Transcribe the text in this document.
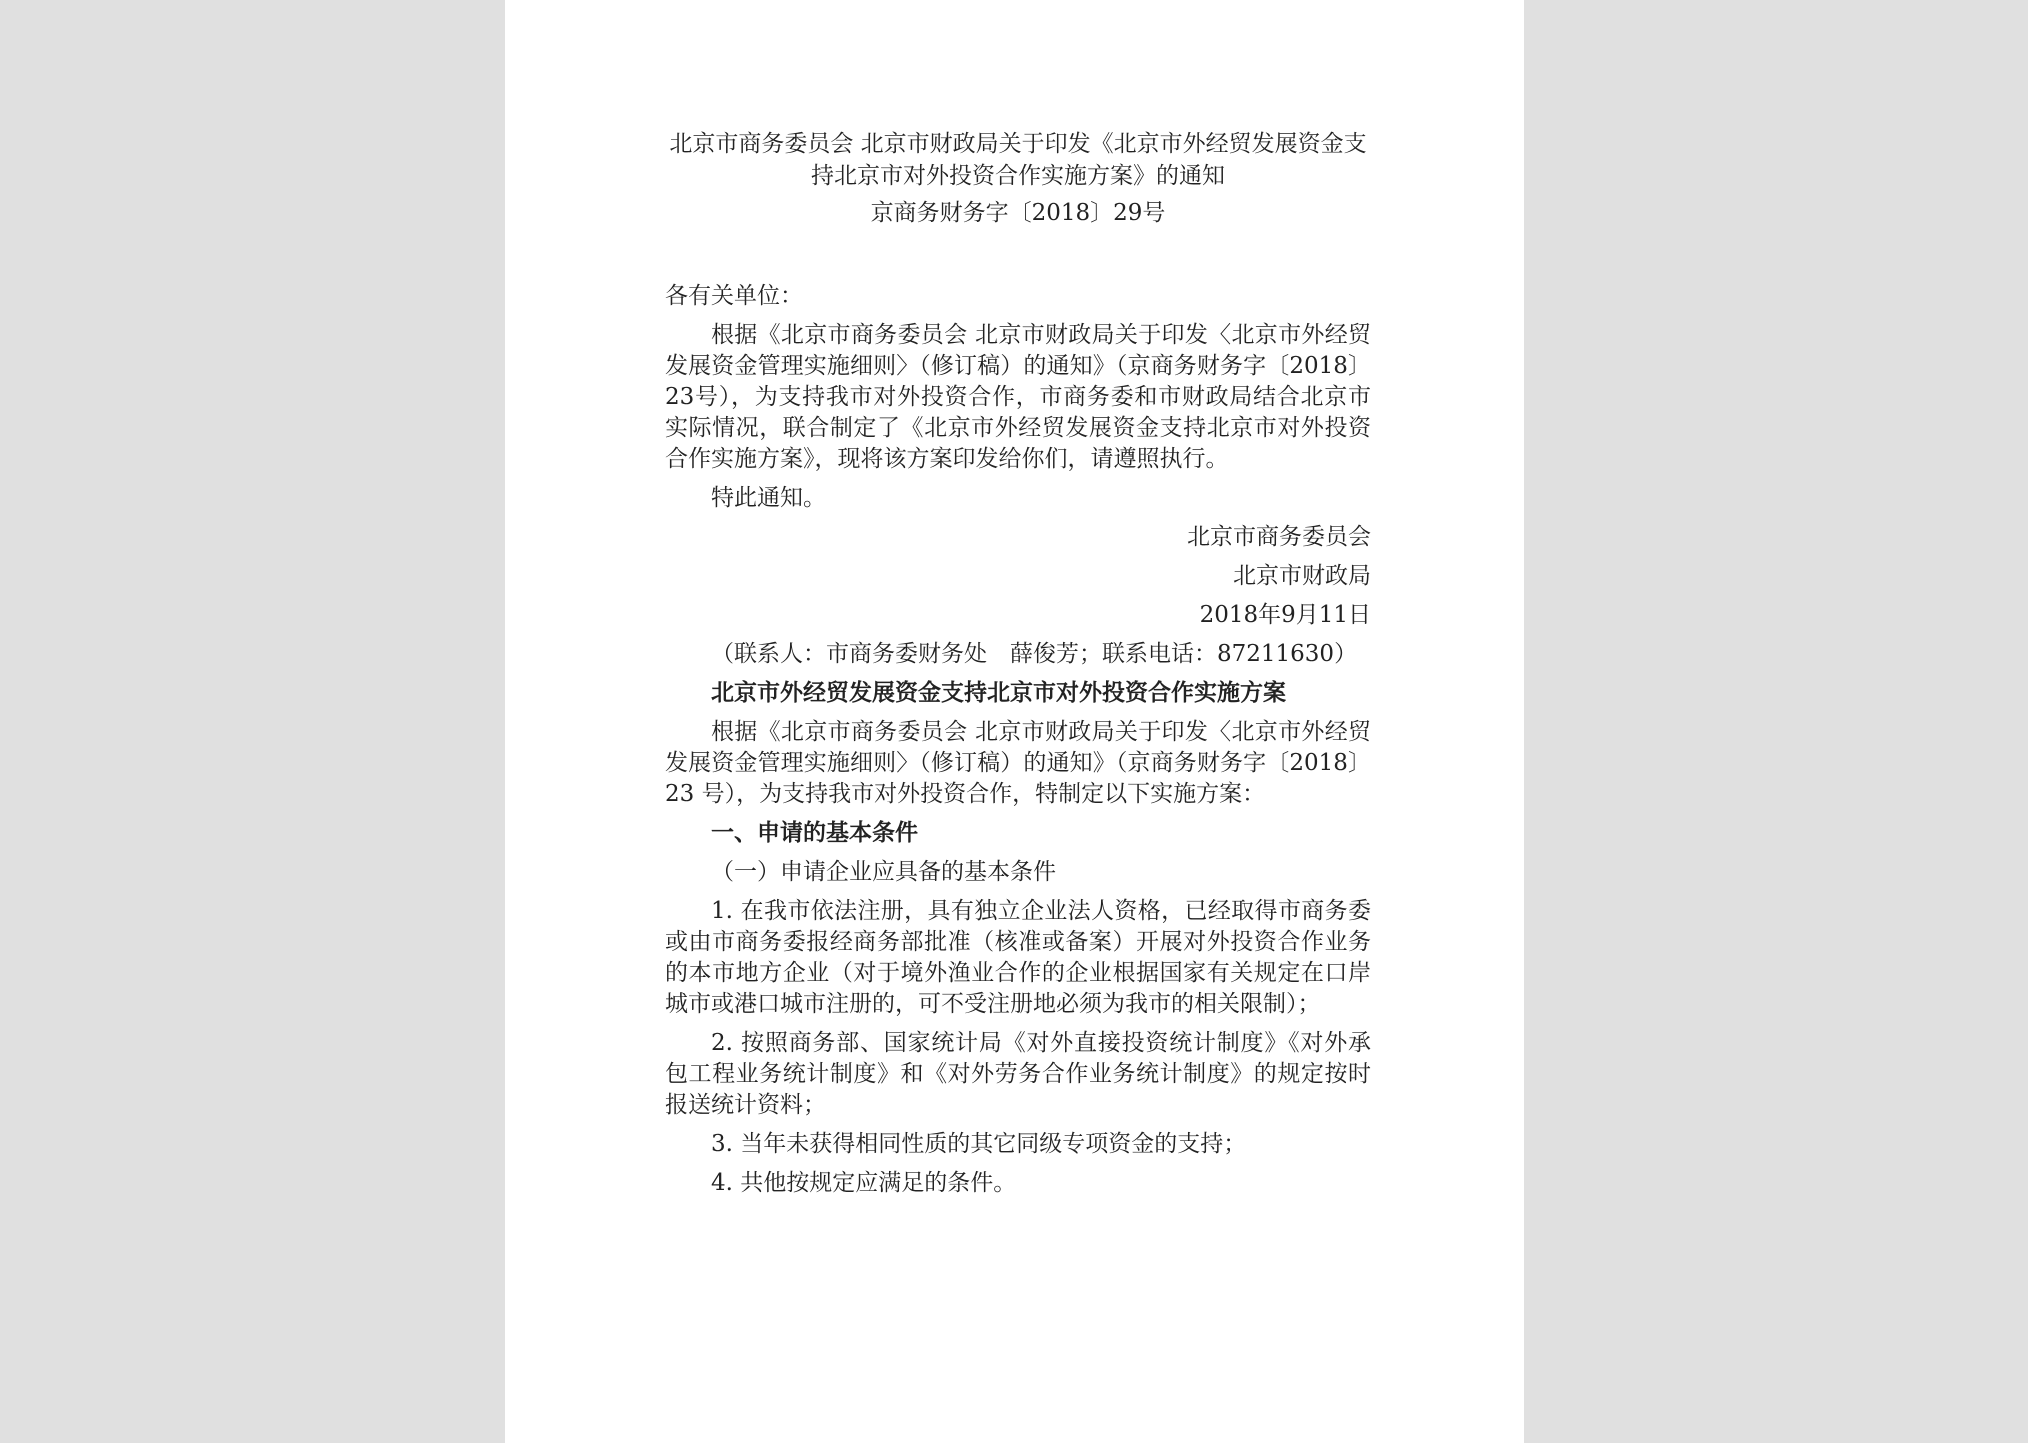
北京市商务委员会 北京市财政局关于印发《北京市外经贸发展资金支持北京市对外投资合作实施方案》的通知
京商务财务字〔2018〕29号
各有关单位：

根据《北京市商务委员会 北京市财政局关于印发〈北京市外经贸发展资金管理实施细则〉（修订稿）的通知》（京商务财务字〔2018〕23号），为支持我市对外投资合作，市商务委和市财政局结合北京市实际情况，联合制定了《北京市外经贸发展资金支持北京市对外投资合作实施方案》，现将该方案印发给你们，请遵照执行。

特此通知。

北京市商务委员会
北京市财政局
2018年9月11日
（联系人：市商务委财务处　薛俊芳；联系电话：87211630）
北京市外经贸发展资金支持北京市对外投资合作实施方案

根据《北京市商务委员会 北京市财政局关于印发〈北京市外经贸发展资金管理实施细则〉（修订稿）的通知》（京商务财务字〔2018〕23 号），为支持我市对外投资合作，特制定以下实施方案：

一、申请的基本条件
（一）申请企业应具备的基本条件

1. 在我市依法注册，具有独立企业法人资格，已经取得市商务委或由市商务委报经商务部批准（核准或备案）开展对外投资合作业务的本市地方企业（对于境外渔业合作的企业根据国家有关规定在口岸城市或港口城市注册的，可不受注册地必须为我市的相关限制）；

2. 按照商务部、国家统计局《对外直接投资统计制度》《对外承包工程业务统计制度》和《对外劳务合作业务统计制度》的规定按时报送统计资料；

3. 当年未获得相同性质的其它同级专项资金的支持；

4. 共他按规定应满足的条件。
